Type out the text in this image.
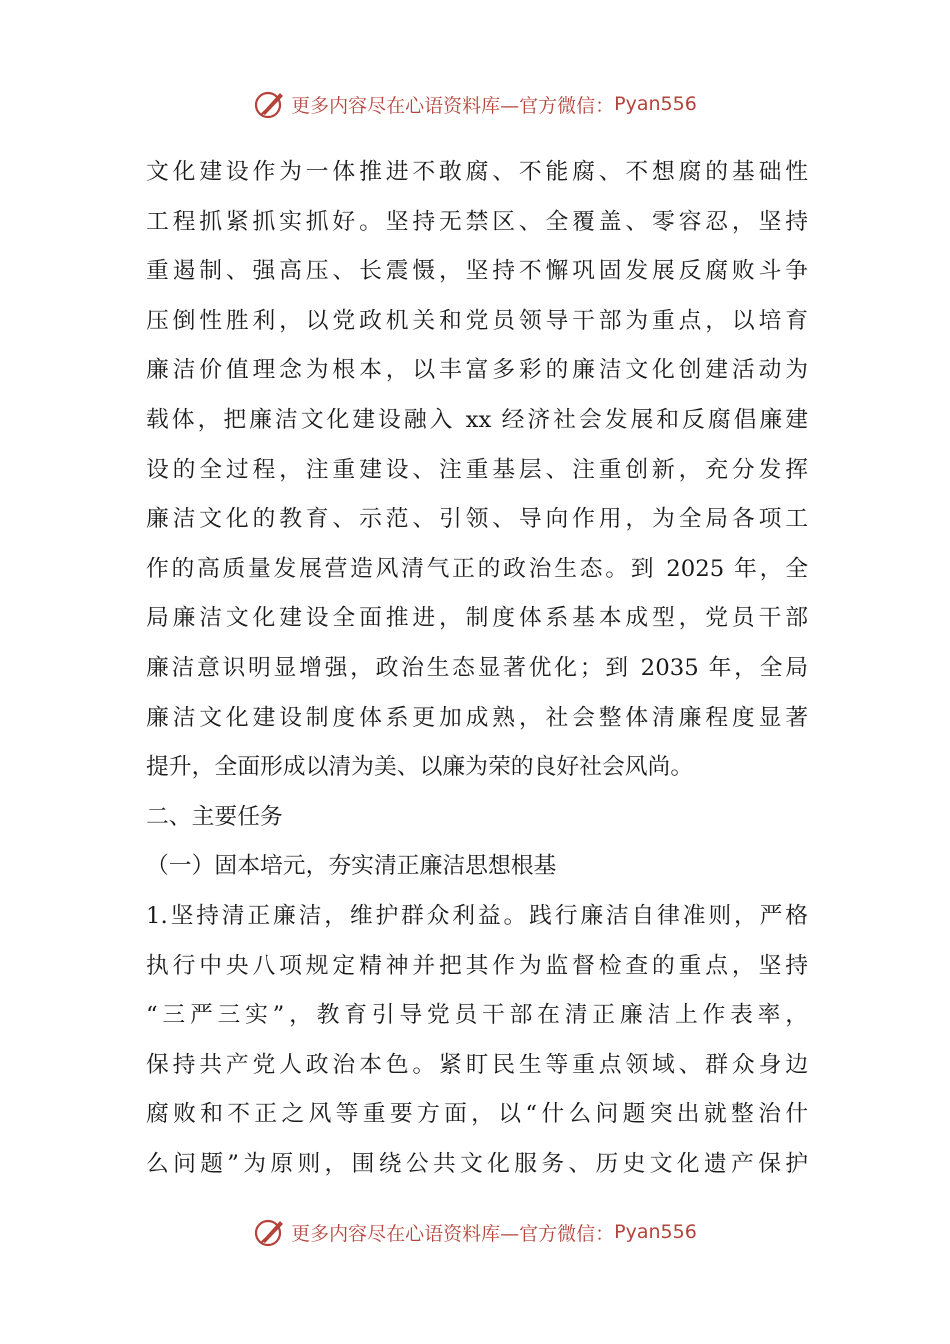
更多内容尽在心语资料库—官方微信： Pyan556
文化建设作为一体推进不敢腐、不能腐、不想腐的基础性
工程抓紧抓实抓好。坚持无禁区、全覆盖、零容忍，坚持
重遏制、强高压、长震慑，坚持不懈巩固发展反腐败斗争
压倒性胜利，以党政机关和党员领导干部为重点，以培育
廉洁价值理念为根本，以丰富多彩的廉洁文化创建活动为
载体，把廉洁文化建设融入 xx 经济社会发展和反腐倡廉建
设的全过程，注重建设、注重基层、注重创新，充分发挥
廉洁文化的教育、示范、引领、导向作用，为全局各项工
作的高质量发展营造风清气正的政治生态。到 2025 年，全
局廉洁文化建设全面推进，制度体系基本成型，党员干部
廉洁意识明显增强，政治生态显著优化；到 2035 年，全局
廉洁文化建设制度体系更加成熟，社会整体清廉程度显著
提升，全面形成以清为美、以廉为荣的良好社会风尚。
二、主要任务
（一）固本培元，夯实清正廉洁思想根基
1.坚持清正廉洁，维护群众利益。践行廉洁自律准则，严格
执行中央八项规定精神并把其作为监督检查的重点，坚持
“三严三实”，教育引导党员干部在清正廉洁上作表率，
保持共产党人政治本色。紧盯民生等重点领域、群众身边
腐败和不正之风等重要方面，以“什么问题突出就整治什
么问题”为原则，围绕公共文化服务、历史文化遗产保护
更多内容尽在心语资料库—官方微信： Pyan556
